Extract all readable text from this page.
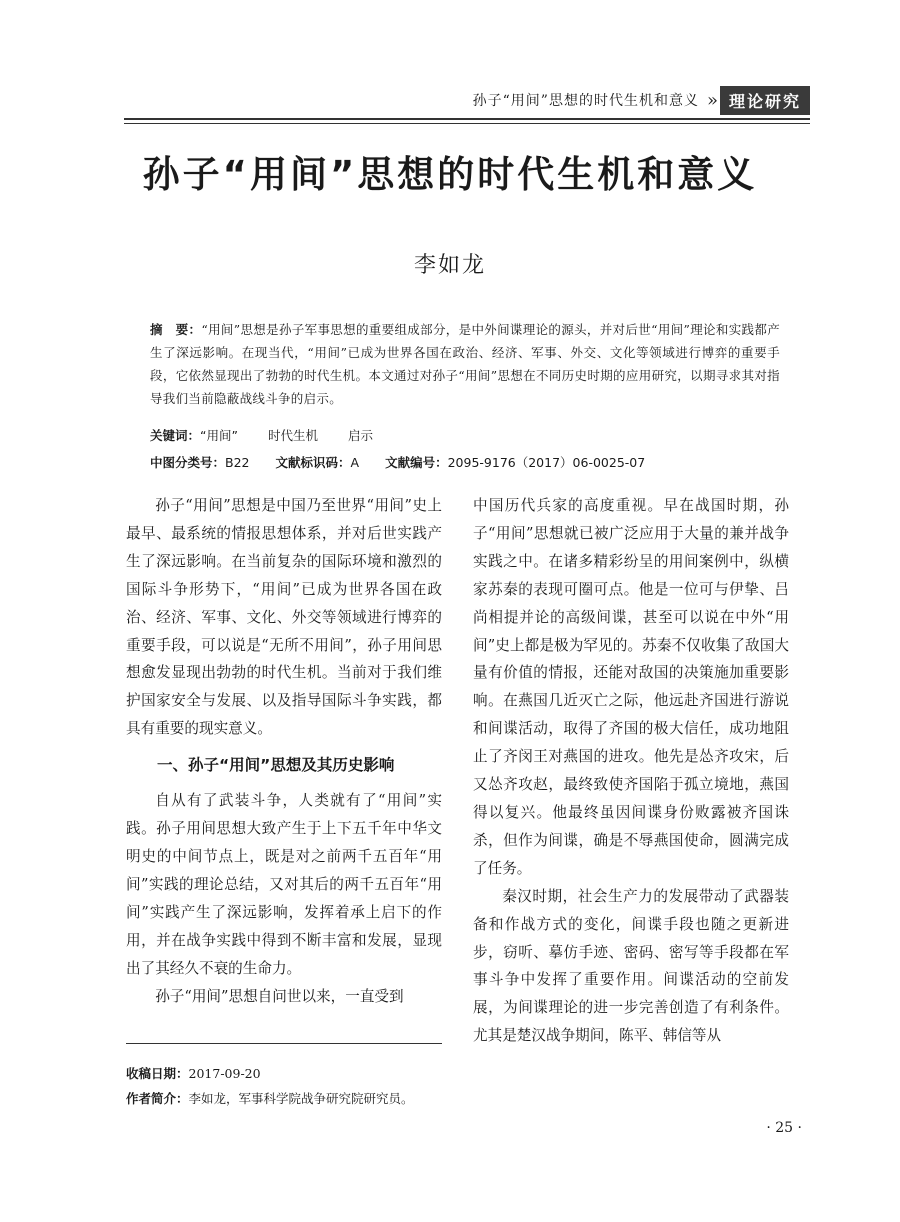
孙子“用间”思想的时代生机和意义 » 理论研究
孙子“用间”思想的时代生机和意义
李如龙
摘　要：“用间”思想是孙子军事思想的重要组成部分，是中外间谍理论的源头，并对后世“用间”理论和实践都产生了深远影响。在现当代，“用间”已成为世界各国在政治、经济、军事、外交、文化等领域进行博弈的重要手段，它依然显现出了勃勃的时代生机。本文通过对孙子“用间”思想在不同历史时期的应用研究，以期寻求其对指导我们当前隐蔽战线斗争的启示。
关键词：“用间” 时代生机 启示
中图分类号：B22 文献标识码：A 文献编号：2095-9176（2017）06-0025-07

孙子“用间”思想是中国乃至世界“用间”史上最早、最系统的情报思想体系，并对后世实践产生了深远影响。在当前复杂的国际环境和激烈的国际斗争形势下，“用间”已成为世界各国在政治、经济、军事、文化、外交等领域进行博弈的重要手段，可以说是“无所不用间”，孙子用间思想愈发显现出勃勃的时代生机。当前对于我们维护国家安全与发展、以及指导国际斗争实践，都具有重要的现实意义。

一、孙子“用间”思想及其历史影响

自从有了武装斗争，人类就有了“用间”实践。孙子用间思想大致产生于上下五千年中华文明史的中间节点上，既是对之前两千五百年“用间”实践的理论总结，又对其后的两千五百年“用间”实践产生了深远影响，发挥着承上启下的作用，并在战争实践中得到不断丰富和发展，显现出了其经久不衰的生命力。

孙子“用间”思想自问世以来，一直受到

中国历代兵家的高度重视。早在战国时期，孙子“用间”思想就已被广泛应用于大量的兼并战争实践之中。在诸多精彩纷呈的用间案例中，纵横家苏秦的表现可圈可点。他是一位可与伊挚、吕尚相提并论的高级间谍，甚至可以说在中外“用间”史上都是极为罕见的。苏秦不仅收集了敌国大量有价值的情报，还能对敌国的决策施加重要影响。在燕国几近灭亡之际，他远赴齐国进行游说和间谍活动，取得了齐国的极大信任，成功地阻止了齐闵王对燕国的进攻。他先是怂齐攻宋，后又怂齐攻赵，最终致使齐国陷于孤立境地，燕国得以复兴。他最终虽因间谍身份败露被齐国诛杀，但作为间谍，确是不辱燕国使命，圆满完成了任务。

秦汉时期，社会生产力的发展带动了武器装备和作战方式的变化，间谍手段也随之更新进步，窃听、摹仿手迹、密码、密写等手段都在军事斗争中发挥了重要作用。间谍活动的空前发展，为间谍理论的进一步完善创造了有利条件。尤其是楚汉战争期间，陈平、韩信等从

收稿日期：2017-09-20
作者简介：李如龙，军事科学院战争研究院研究员。
· 25 ·
